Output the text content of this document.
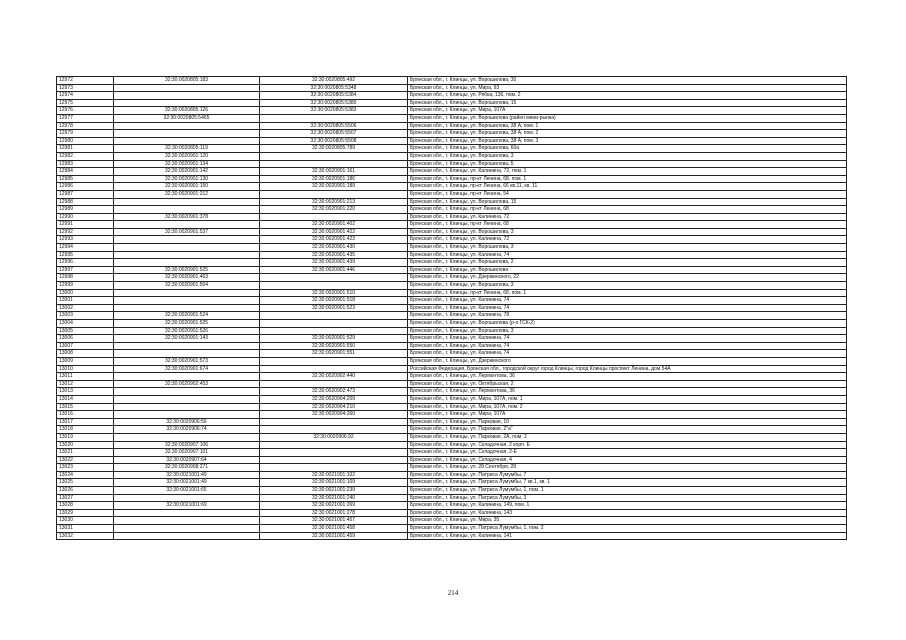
12972	32:30:0020805:183	32:30:0020805:492	Брянская обл., г. Клинцы, ул. Ворошилова, 30
12973		32:30:0020805:5348	Брянская обл., г. Клинцы, ул. Мира, 93
12974		32:30:0020805:5384	Брянская обл., г. Клинцы, ул. Рябка, 136, пом. 2
12975		32:30:0020805:5380	Брянская обл., г. Клинцы, ул. Ворошилова, 15
12976	32:30:0020805:126	32:30:0020805:5383	Брянская обл., г. Клинцы, ул. Мира, 107А
12977	32:30:0020805:5465		Брянская обл., г. Клинцы, ул. Ворошилова (район мини-рынка)
12978		32:30:0020805:5506	Брянская обл., г. Клинцы, ул. Ворошилова, 38 А, пом. 1
12979		32:30:0020805:5507	Брянская обл., г. Клинцы, ул. Ворошилова, 38 А, пом. 2
12980		32:30:0020805:5508	Брянская обл., г. Клинцы, ул. Ворошилова, 38 А, пом. 3
12981	32:30:0020805:119	32:30:0020805:789	Брянская обл., г. Клинцы, ул. Ворошилова, 60а
12982	32:30:0020901:120		Брянская обл., г. Клинцы, ул. Ворошилова, 3
12983	32:30:0020901:134		Брянская обл., г. Клинцы, ул. Ворошилова, 5
12984	32:30:0020901:142	32:30:0020901:161	Брянская обл., г. Клинцы, ул. Калинина, 72, пом. 1
12985	32:30:0020901:130	32:30:0020901:186	Брянская обл., г. Клинцы, пр-кт Ленина, 68, пом. 1
12986	32:30:0020901:150	32:30:0020901:189	Брянская обл., г. Клинцы, пр-кт Ленина, 66 кв.11, кв. 11
12987	32:30:0020901:212		Брянская обл., г. Клинцы, пр-кт Ленина, 54
12988		32:30:0020901:213	Брянская обл., г. Клинцы, ул. Ворошилова, 15
12989		32:30:0020901:220	Брянская обл., г. Клинцы, пр-кт Ленина, 68
12990	32:30:0020901:378		Брянская обл., г. Клинцы, ул. Калинина, 72
12991		32:30:0020901:402	Брянская обл., г. Клинцы, пр-кт Ленина, 68
12992	32:30:0020901:537	32:30:0020901:422	Брянская обл., г. Клинцы, ул. Ворошилова, 3
12993		32:30:0020901:423	Брянская обл., г. Клинцы, ул. Калинина, 72
12994		32:30:0020901:430	Брянская обл., г. Клинцы, ул. Ворошилова, 3
12995		32:30:0020901:435	Брянская обл., г. Клинцы, ул. Калинина, 74
12996		32:30:0020901:439	Брянская обл., г. Клинцы, ул. Ворошилова, 2
12997	32:30:0020901:525	32:30:0020901:446	Брянская обл., г. Клинцы, ул. Ворошилова
12998	32:30:0020901:463		Брянская обл., г. Клинцы, ул. Дзержинского, 22
12999	32:30:0020901:504		Брянская обл., г. Клинцы, ул. Ворошилова, 3
13000		32:30:0020901:510	Брянская обл., г. Клинцы, пр-кт Ленина, 68, пом. 1
13001		32:30:0020901:518	Брянская обл., г. Клинцы, ул. Калинина, 74
13002		32:30:0020901:523	Брянская обл., г. Клинцы, ул. Калинина, 74
13003	32:30:0020901:524		Брянская обл., г. Клинцы, ул. Калинина, 78
13004	32:30:0020901:525		Брянская обл., г. Клинцы, ул. Ворошилова (р-н ГСК-2)
13005	32:30:0020901:526		Брянская обл., г. Клинцы, ул. Ворошилова, 3
13006	32:30:0020901:143	32:30:0020901:529	Брянская обл., г. Клинцы, ул. Калинина, 74
13007		32:30:0020901:550	Брянская обл., г. Клинцы, ул. Калинина, 74
13008		32:30:0020901:551	Брянская обл., г. Клинцы, ул. Калинина, 74
13009	32:30:0020901:573		Брянская обл., г. Клинцы, ул. Дзержинского
13010	32:30:0020901:674		Российская Федерация, Брянская обл., городской округ город Клинцы, город Клинцы проспект Ленина, дом 54А
13011		32:30:0020902:440	Брянская обл., г. Клинцы, ул. Лермонтова, 36
13012	32:30:0020902:453		Брянская обл., г. Клинцы, ул. Октябрьская, 2
13013		32:30:0020902:473	Брянская обл., г. Клинцы, ул. Лермонтова, 36
13014		32:30:0020904:209	Брянская обл., г. Клинцы, ул. Мира, 107А, пом. 1
13015		32:30:0020904:210	Брянская обл., г. Клинцы, ул. Мира, 107А, пом. 2
13016		32:30:0020904:260	Брянская обл., г. Клинцы, ул. Мира, 107А
13017	32:30:0020906:56		Брянская обл., г. Клинцы, ул. Парковая, 10
13018	32:30:0020906:74		Брянская обл., г. Клинцы, ул. Парковая, 2"а"
13019		32:30:0020906:92	Брянская обл., г. Клинцы, ул. Парковая, 2А, пом. 2
13020	32:30:0020907:106		Брянская обл., г. Клинцы, ул. Складочная, 2 корп. Е
13021	32:30:0020907:101		Брянская обл., г. Клинцы, ул. Складочная, 2-Е
13022	32:30:0020907:64		Брянская обл., г. Клинцы, ул. Складочная, 4
13023	32:30:0020908:271		Брянская обл., г. Клинцы, ул. 28 Сентября, 28
13024	32:30:0021001:49	32:30:0021001:102	Брянская обл., г. Клинцы, ул. Патриса Лумумбы, 7
13025	32:30:0021001:49	32:30:0021001:109	Брянская обл., г. Клинцы, ул. Патриса Лумумбы, 7 кв.1, кв. 1
13026	32:30:0021001:65	32:30:0021001:239	Брянская обл., г. Клинцы, ул. Патриса Лумумбы, 1, пом. 1
13027		32:30:0021001:240	Брянская обл., г. Клинцы, ул. Патриса Лумумбы, 3
13028	32:30:0021001:69	32:30:0021001:269	Брянская обл., г. Клинцы, ул. Калинина, 149, пом. 1
13029		32:30:0021001:278	Брянская обл., г. Клинцы, ул. Калинина, 143
13030		32:30:0021001:457	Брянская обл., г. Клинцы, ул. Мира, 35
13031		32:30:0021001:458	Брянская обл., г. Клинцы, ул. Патриса Лумумбы, 1, пом. 2
13032		32:30:0021001:459	Брянская обл., г. Клинцы, ул. Калинина, 141
214
